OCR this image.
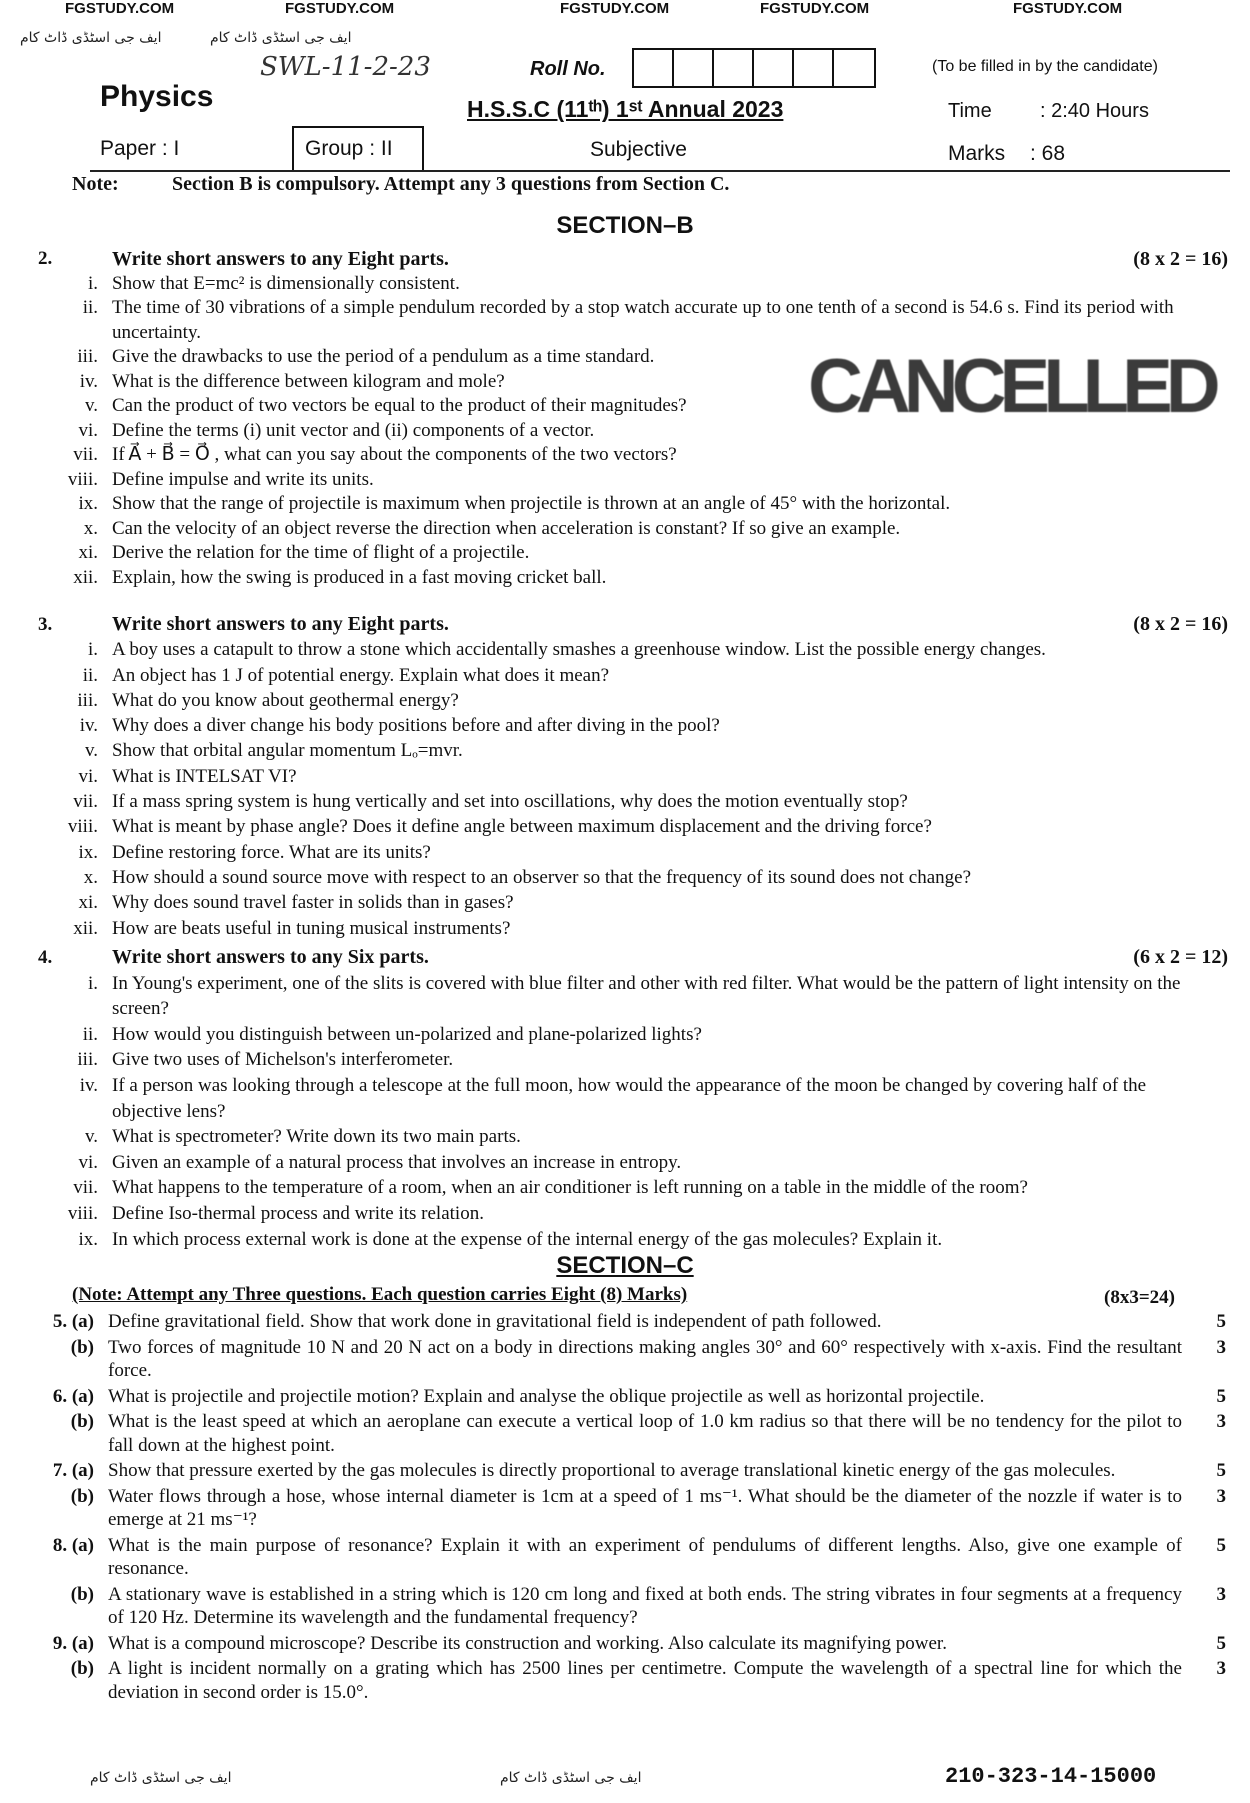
FGSTUDY.COM	FGSTUDY.COM	FGSTUDY.COM	FGSTUDY.COM	FGSTUDY.COM
ایف جی اسٹڈی ڈاٹ کام	ایف جی اسٹڈی ڈاٹ کام
SWL-11-2-23	Roll No.	(To be filled in by the candidate)
Physics	H.S.S.C (11ᵗʰ) 1ˢᵗ Annual 2023	Time : 2:40 Hours
Paper : I	Group : II	Subjective	Marks : 68
Note:	Section B is compulsory. Attempt any 3 questions from Section C.
SECTION–B
CANCELLED
2.	Write short answers to any Eight parts.	(8 x 2 = 16)
i. Show that E=mc² is dimensionally consistent.
ii. The time of 30 vibrations of a simple pendulum recorded by a stop watch accurate up to one tenth of a second is 54.6 s. Find its period with uncertainty.
iii. Give the drawbacks to use the period of a pendulum as a time standard.
iv. What is the difference between kilogram and mole?
v. Can the product of two vectors be equal to the product of their magnitudes?
vi. Define the terms (i) unit vector and (ii) components of a vector.
vii. If A⃗ + B⃗ = O⃗ , what can you say about the components of the two vectors?
viii. Define impulse and write its units.
ix. Show that the range of projectile is maximum when projectile is thrown at an angle of 45° with the horizontal.
x. Can the velocity of an object reverse the direction when acceleration is constant? If so give an example.
xi. Derive the relation for the time of flight of a projectile.
xii. Explain, how the swing is produced in a fast moving cricket ball.
3.	Write short answers to any Eight parts.	(8 x 2 = 16)
i. A boy uses a catapult to throw a stone which accidentally smashes a greenhouse window. List the possible energy changes.
ii. An object has 1 J of potential energy. Explain what does it mean?
iii. What do you know about geothermal energy?
iv. Why does a diver change his body positions before and after diving in the pool?
v. Show that orbital angular momentum Lₒ=mvr.
vi. What is INTELSAT VI?
vii. If a mass spring system is hung vertically and set into oscillations, why does the motion eventually stop?
viii. What is meant by phase angle? Does it define angle between maximum displacement and the driving force?
ix. Define restoring force. What are its units?
x. How should a sound source move with respect to an observer so that the frequency of its sound does not change?
xi. Why does sound travel faster in solids than in gases?
xii. How are beats useful in tuning musical instruments?
4.	Write short answers to any Six parts.	(6 x 2 = 12)
i. In Young's experiment, one of the slits is covered with blue filter and other with red filter. What would be the pattern of light intensity on the screen?
ii. How would you distinguish between un-polarized and plane-polarized lights?
iii. Give two uses of Michelson's interferometer.
iv. If a person was looking through a telescope at the full moon, how would the appearance of the moon be changed by covering half of the objective lens?
v. What is spectrometer? Write down its two main parts.
vi. Given an example of a natural process that involves an increase in entropy.
vii. What happens to the temperature of a room, when an air conditioner is left running on a table in the middle of the room?
viii. Define Iso-thermal process and write its relation.
ix. In which process external work is done at the expense of the internal energy of the gas molecules? Explain it.
SECTION–C
(Note: Attempt any Three questions. Each question carries Eight (8) Marks)	(8x3=24)
5. (a) Define gravitational field. Show that work done in gravitational field is independent of path followed.	5
(b) Two forces of magnitude 10 N and 20 N act on a body in directions making angles 30° and 60° respectively with x-axis. Find the resultant force.
3
6. (a) What is projectile and projectile motion? Explain and analyse the oblique projectile as well as horizontal projectile.	5
(b) What is the least speed at which an aeroplane can execute a vertical loop of 1.0 km radius so that there will be no tendency for the pilot to fall down at the highest point.
3
7. (a) Show that pressure exerted by the gas molecules is directly proportional to average translational kinetic energy of the gas molecules.	5
(b) Water flows through a hose, whose internal diameter is 1cm at a speed of 1 ms⁻¹. What should be the diameter of the nozzle if water is to emerge at 21 ms⁻¹?
3
8. (a) What is the main purpose of resonance? Explain it with an experiment of pendulums of different lengths. Also, give one example of resonance.
5
(b) A stationary wave is established in a string which is 120 cm long and fixed at both ends. The string vibrates in four segments at a frequency of 120 Hz. Determine its wavelength and the fundamental frequency?
3
9. (a) What is a compound microscope? Describe its construction and working. Also calculate its magnifying power.	5
(b) A light is incident normally on a grating which has 2500 lines per centimetre. Compute the wavelength of a spectral line for which the deviation in second order is 15.0°.
3
ایف جی اسٹڈی ڈاٹ کام	ایف جی اسٹڈی ڈاٹ کام	210-323-14-15000
